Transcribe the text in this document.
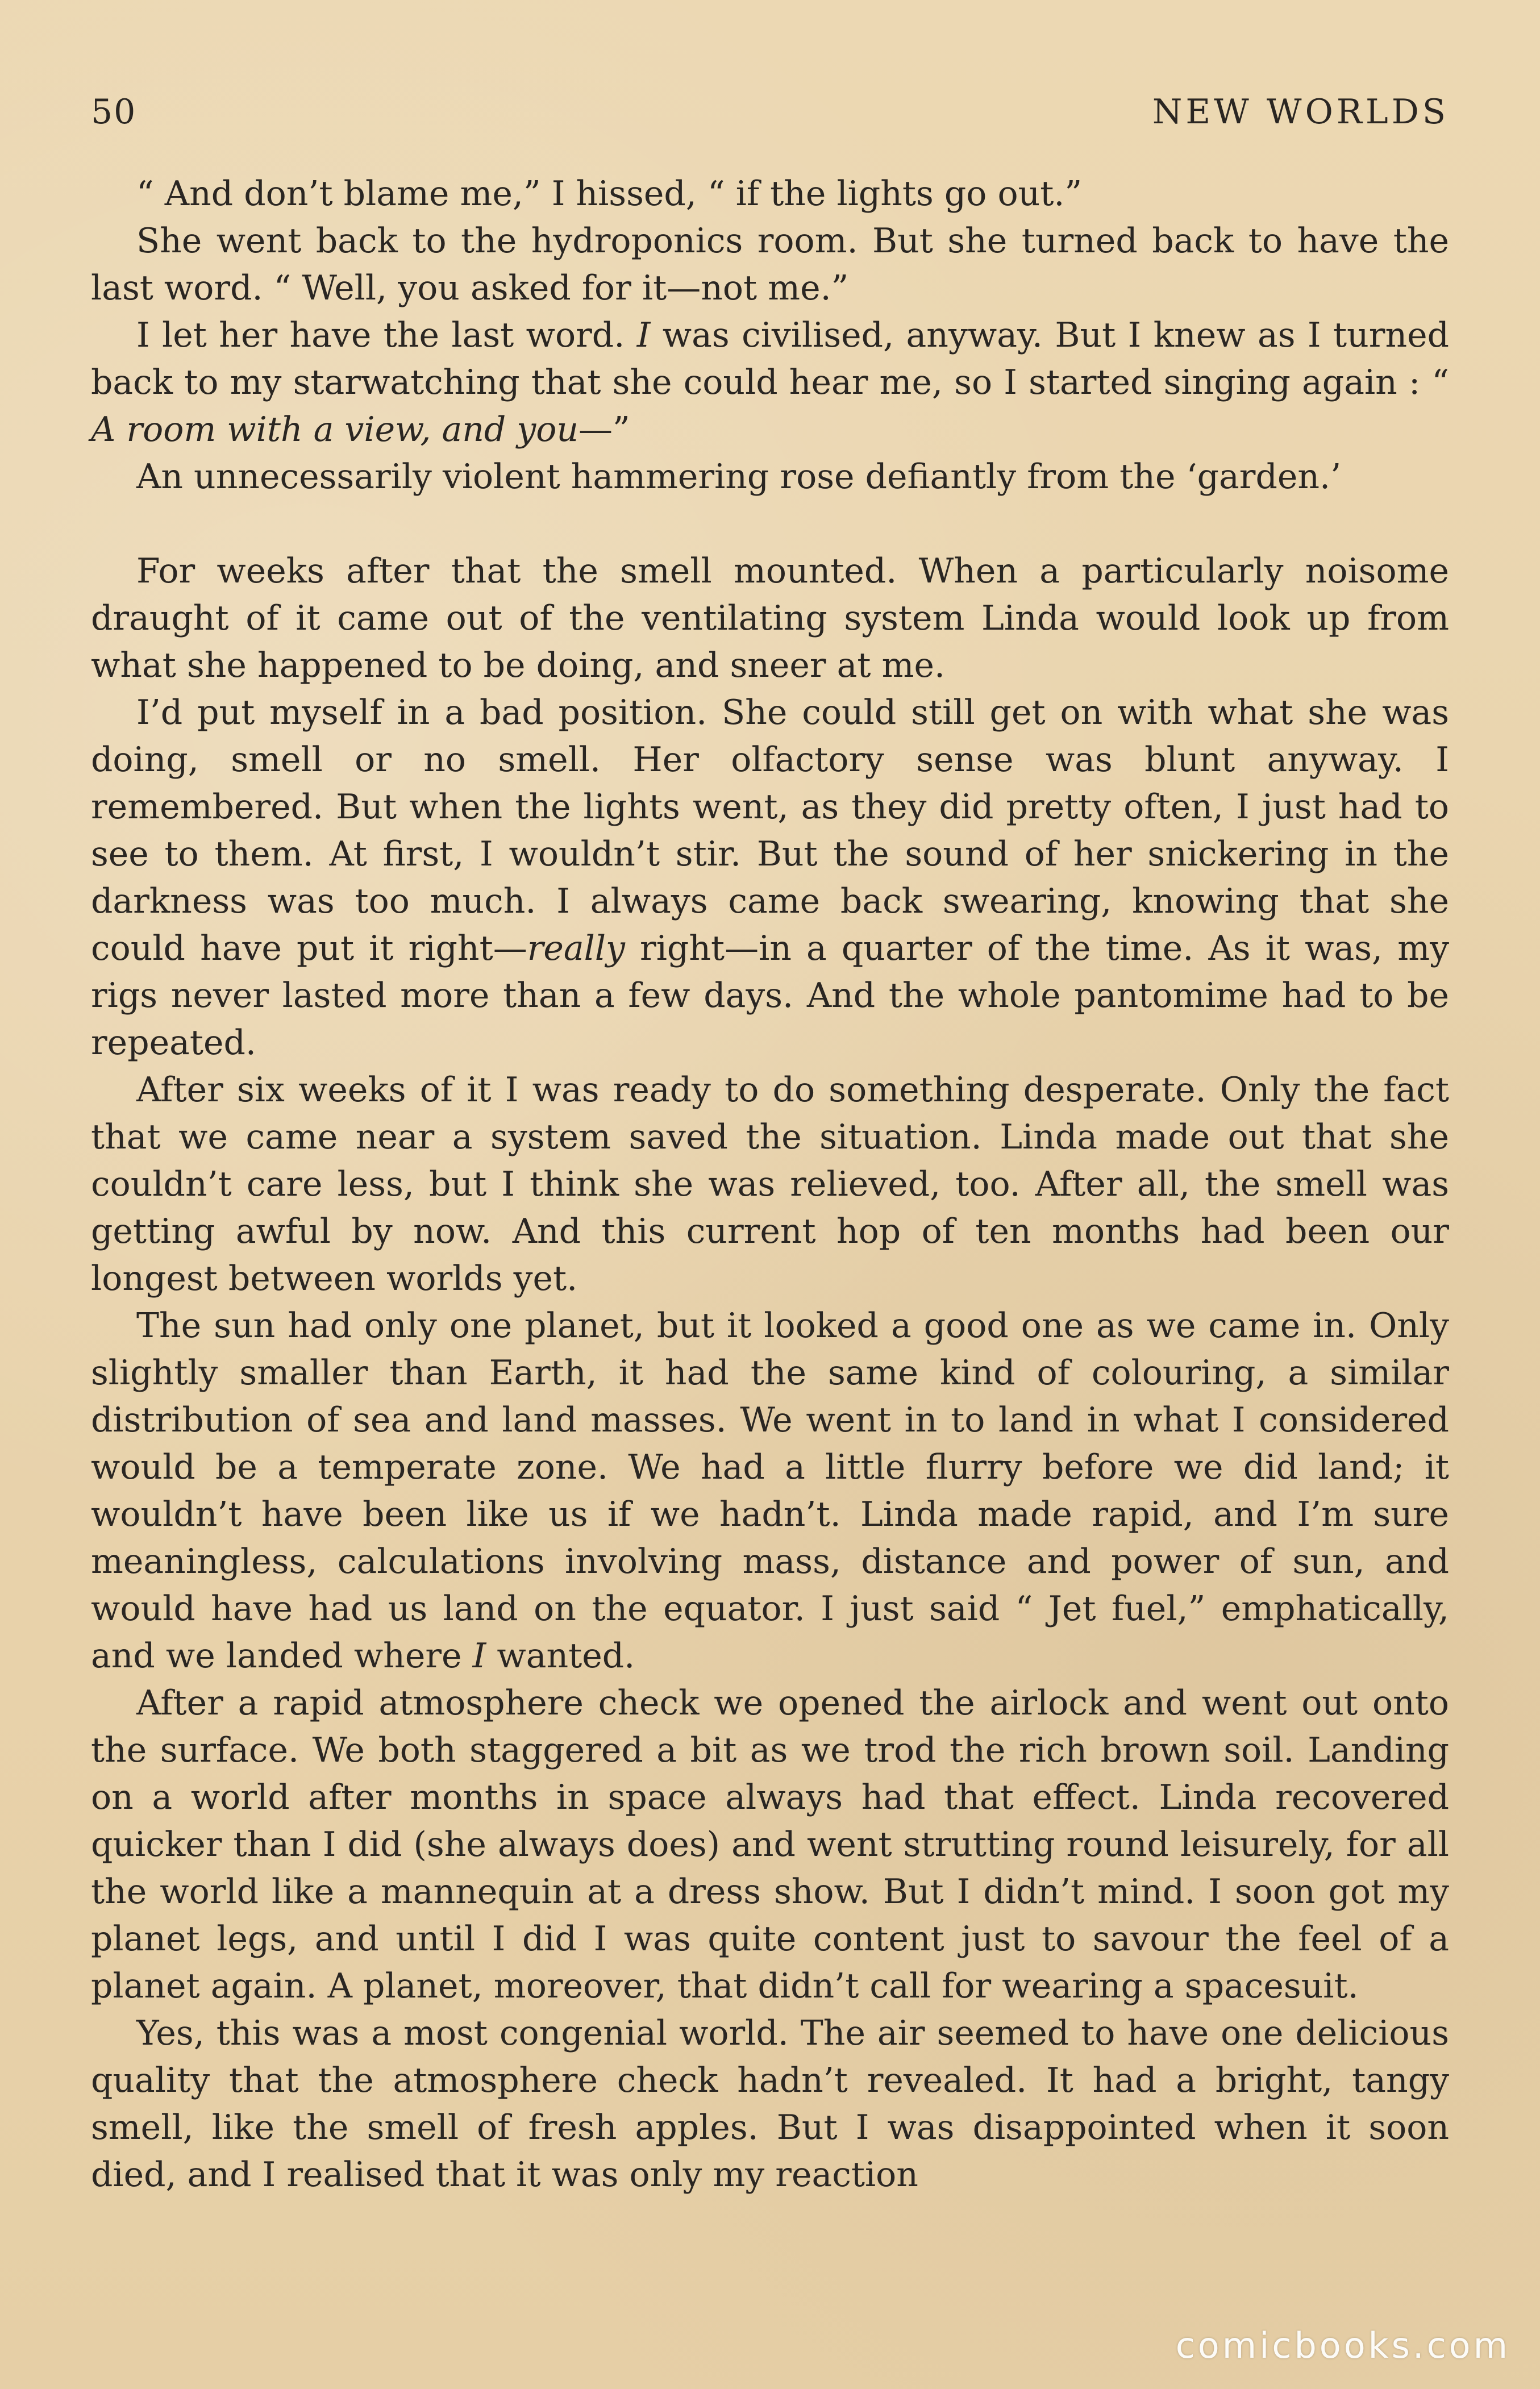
50	NEW WORLDS

“ And don’t blame me,” I hissed, “ if the lights go out.”

She went back to the hydroponics room. But she turned back to have the last word. “ Well, you asked for it—not me.”

I let her have the last word. I was civilised, anyway. But I knew as I turned back to my starwatching that she could hear me, so I started singing again : “ A room with a view, and you—”

An unnecessarily violent hammering rose defiantly from the ‘garden.’

For weeks after that the smell mounted. When a particularly noisome draught of it came out of the ventilating system Linda would look up from what she happened to be doing, and sneer at me.

I’d put myself in a bad position. She could still get on with what she was doing, smell or no smell. Her olfactory sense was blunt anyway. I remembered. But when the lights went, as they did pretty often, I just had to see to them. At first, I wouldn’t stir. But the sound of her snickering in the darkness was too much. I always came back swearing, knowing that she could have put it right—really right—in a quarter of the time. As it was, my rigs never lasted more than a few days. And the whole pantomime had to be repeated.

After six weeks of it I was ready to do something desperate. Only the fact that we came near a system saved the situation. Linda made out that she couldn’t care less, but I think she was relieved, too. After all, the smell was getting awful by now. And this current hop of ten months had been our longest between worlds yet.

The sun had only one planet, but it looked a good one as we came in. Only slightly smaller than Earth, it had the same kind of colouring, a similar distribution of sea and land masses. We went in to land in what I considered would be a temperate zone. We had a little flurry before we did land; it wouldn’t have been like us if we hadn’t. Linda made rapid, and I’m sure meaningless, calculations involving mass, distance and power of sun, and would have had us land on the equator. I just said “ Jet fuel,” emphatically, and we landed where I wanted.

After a rapid atmosphere check we opened the airlock and went out onto the surface. We both staggered a bit as we trod the rich brown soil. Landing on a world after months in space always had that effect. Linda recovered quicker than I did (she always does) and went strutting round leisurely, for all the world like a mannequin at a dress show. But I didn’t mind. I soon got my planet legs, and until I did I was quite content just to savour the feel of a planet again. A planet, moreover, that didn’t call for wearing a spacesuit.

Yes, this was a most congenial world. The air seemed to have one delicious quality that the atmosphere check hadn’t revealed. It had a bright, tangy smell, like the smell of fresh apples. But I was disappointed when it soon died, and I realised that it was only my reaction

comicbooks.com
